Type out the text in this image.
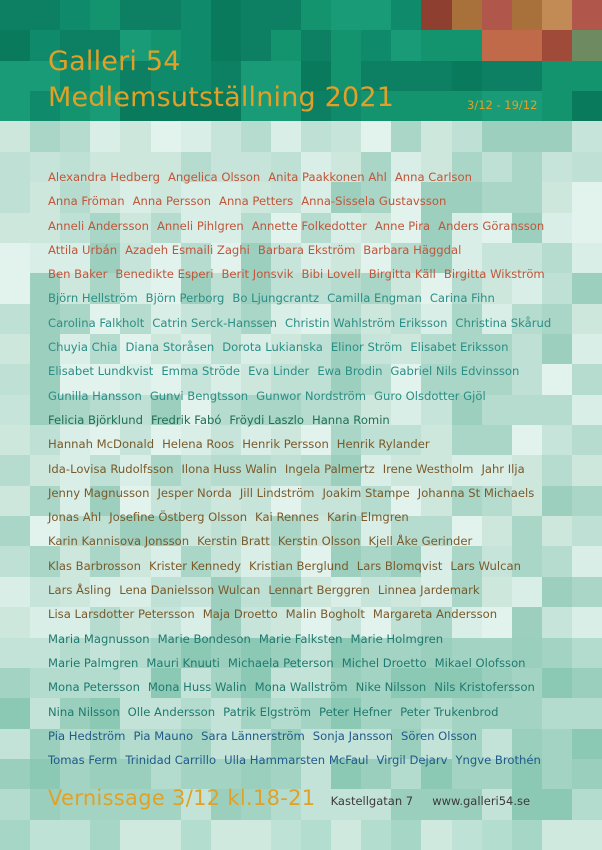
Galleri 54
Medlemsutställning 2021	3/12 - 19/12
Alexandra Hedberg Angelica Olsson Anita Paakkonen Ahl Anna Carlson
Anna Fröman Anna Persson Anna Petters Anna-Sissela Gustavsson
Anneli Andersson Anneli Pihlgren Annette Folkedotter Anne Pira Anders Göransson
Attila Urbán Azadeh Esmaili Zaghi Barbara Ekström Barbara Häggdal
Ben Baker Benedikte Esperi Berit Jonsvik Bibi Lovell Birgitta Käll Birgitta Wikström
Björn Hellström Björn Perborg Bo Ljungcrantz Camilla Engman Carina Fihn
Carolina Falkholt Catrin Serck-Hanssen Christin Wahlström Eriksson Christina Skårud
Chuyia Chia Diana Storåsen Dorota Lukianska Elinor Ström Elisabet Eriksson
Elisabet Lundkvist Emma Ströde Eva Linder Ewa Brodin Gabriel Nils Edvinsson
Gunilla Hansson Gunvi Bengtsson Gunwor Nordström Guro Olsdotter Gjöl
Felicia Björklund Fredrik Fabó Fröydi Laszlo Hanna Romin
Hannah McDonald Helena Roos Henrik Persson Henrik Rylander
Ida-Lovisa Rudolfsson Ilona Huss Walin Ingela Palmertz Irene Westholm Jahr Ilja
Jenny Magnusson Jesper Norda Jill Lindström Joakim Stampe Johanna St Michaels
Jonas Ahl Josefine Östberg Olsson Kai Rennes Karin Elmgren
Karin Kannisova Jonsson Kerstin Bratt Kerstin Olsson Kjell Åke Gerinder
Klas Barbrosson Krister Kennedy Kristian Berglund Lars Blomqvist Lars Wulcan
Lars Åsling Lena Danielsson Wulcan Lennart Berggren Linnea Jardemark
Lisa Larsdotter Petersson Maja Droetto Malin Bogholt Margareta Andersson
Maria Magnusson Marie Bondeson Marie Falksten Marie Holmgren
Marie Palmgren Mauri Knuuti Michaela Peterson Michel Droetto Mikael Olofsson
Mona Petersson Mona Huss Walin Mona Wallström Nike Nilsson Nils Kristofersson
Nina Nilsson Olle Andersson Patrik Elgström Peter Hefner Peter Trukenbrod
Pia Hedström Pia Mauno Sara Lännerström Sonja Jansson Sören Olsson
Tomas Ferm Trinidad Carrillo Ulla Hammarsten McFaul Virgil Dejarv Yngve Brothén
Vernissage 3/12 kl.18-21 Kastellgatan 7 www.galleri54.se
